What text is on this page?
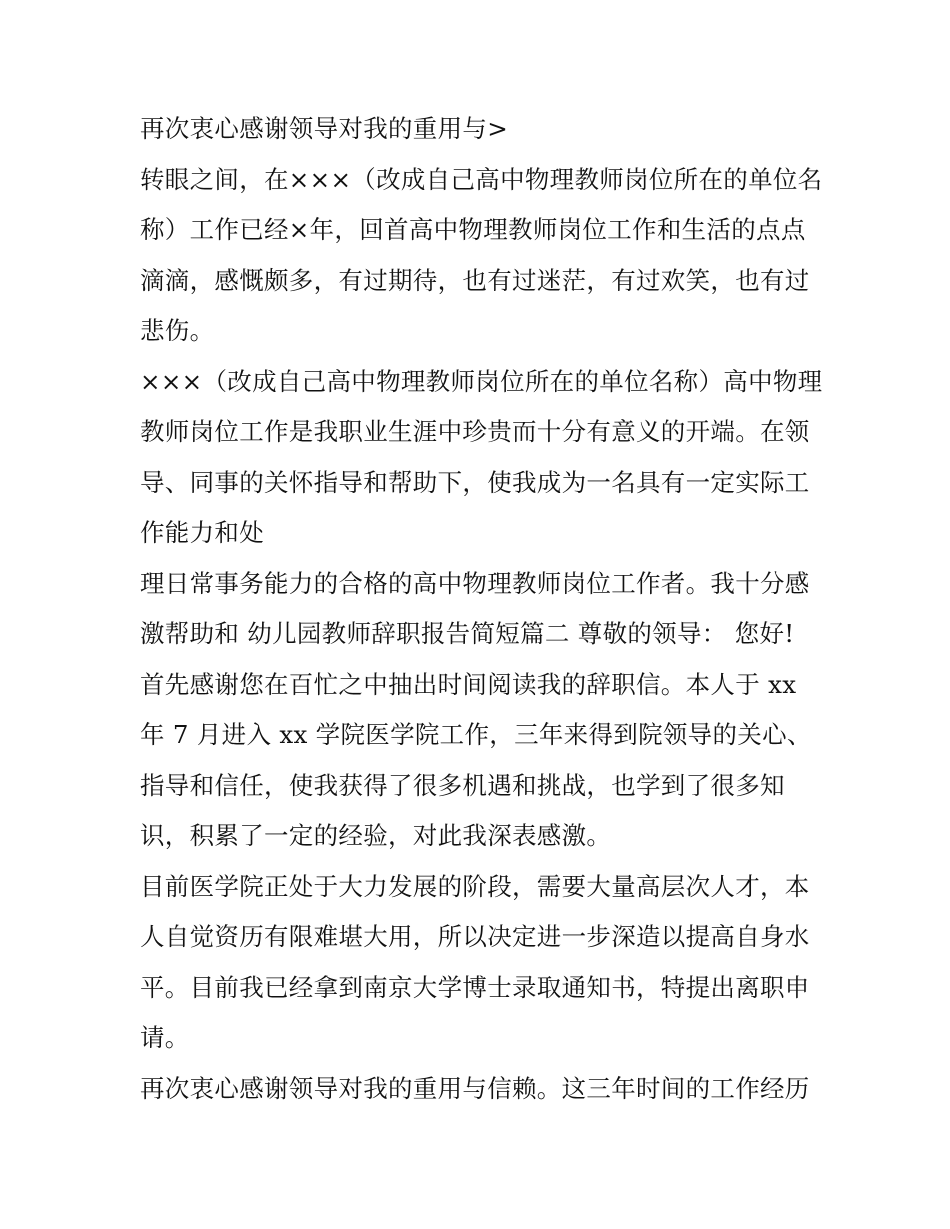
再次衷心感谢领导对我的重用与>
转眼之间，在×××（改成自己高中物理教师岗位所在的单位名
称）工作已经×年，回首高中物理教师岗位工作和生活的点点
滴滴，感慨颇多，有过期待，也有过迷茫，有过欢笑，也有过
悲伤。
×××（改成自己高中物理教师岗位所在的单位名称）高中物理
教师岗位工作是我职业生涯中珍贵而十分有意义的开端。在领
导、同事的关怀指导和帮助下，使我成为一名具有一定实际工
作能力和处
理日常事务能力的合格的高中物理教师岗位工作者。我十分感
激帮助和 幼儿园教师辞职报告简短篇二 尊敬的领导： 您好!
首先感谢您在百忙之中抽出时间阅读我的辞职信。本人于 xx
年 7 月进入 xx 学院医学院工作，三年来得到院领导的关心、
指导和信任，使我获得了很多机遇和挑战，也学到了很多知
识，积累了一定的经验，对此我深表感激。
目前医学院正处于大力发展的阶段，需要大量高层次人才，本
人自觉资历有限难堪大用，所以决定进一步深造以提高自身水
平。目前我已经拿到南京大学博士录取通知书，特提出离职申
请。
再次衷心感谢领导对我的重用与信赖。这三年时间的工作经历
